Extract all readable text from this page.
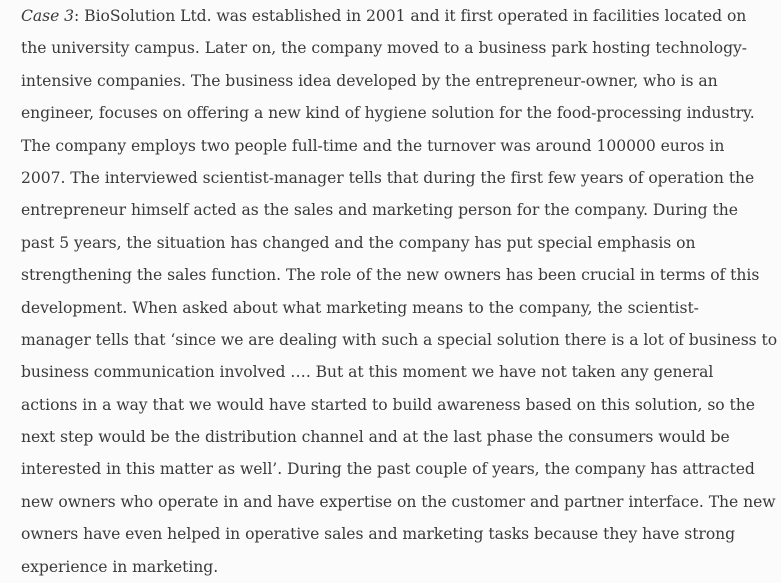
Case 3: BioSolution Ltd. was established in 2001 and it first operated in facilities located on
the university campus. Later on, the company moved to a business park hosting technology-
intensive companies. The business idea developed by the entrepreneur-owner, who is an
engineer, focuses on offering a new kind of hygiene solution for the food-processing industry.
The company employs two people full-time and the turnover was around 100000 euros in
2007. The interviewed scientist-manager tells that during the first few years of operation the
entrepreneur himself acted as the sales and marketing person for the company. During the
past 5 years, the situation has changed and the company has put special emphasis on
strengthening the sales function. The role of the new owners has been crucial in terms of this
development. When asked about what marketing means to the company, the scientist-
manager tells that ‘since we are dealing with such a special solution there is a lot of business to
business communication involved …. But at this moment we have not taken any general
actions in a way that we would have started to build awareness based on this solution, so the
next step would be the distribution channel and at the last phase the consumers would be
interested in this matter as well’. During the past couple of years, the company has attracted
new owners who operate in and have expertise on the customer and partner interface. The new
owners have even helped in operative sales and marketing tasks because they have strong
experience in marketing.
